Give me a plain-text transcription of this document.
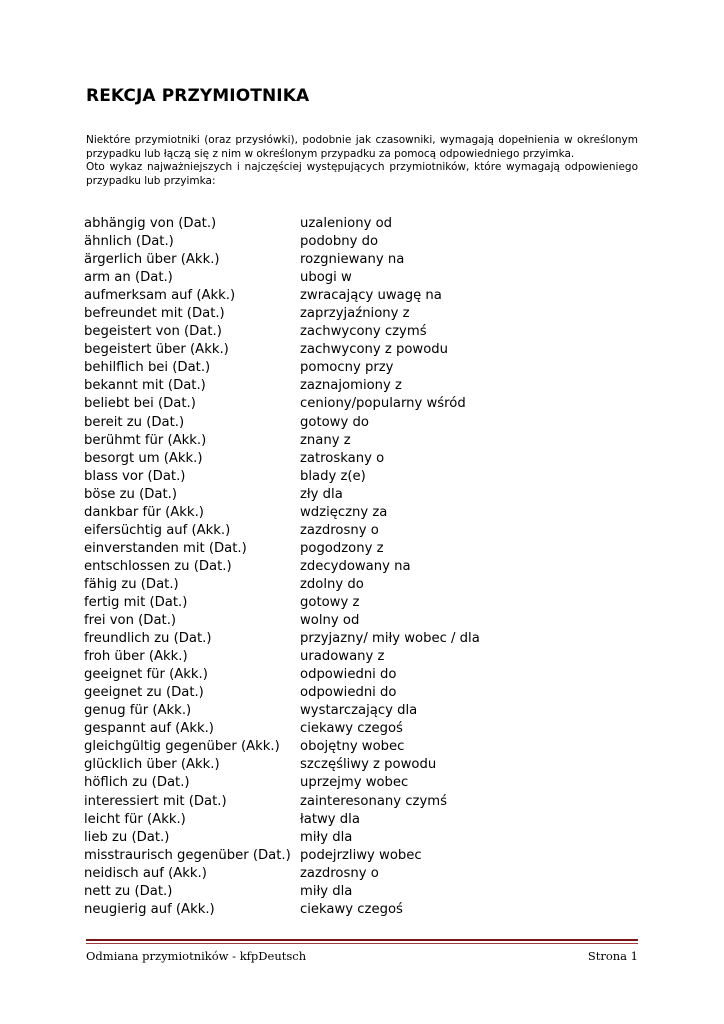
REKCJA PRZYMIOTNIKA

Niektóre przymiotniki (oraz przysłówki), podobnie jak czasowniki, wymagają dopełnienia w określonym przypadku lub łączą się z nim w określonym przypadku za pomocą odpowiedniego przyimka.

Oto wykaz najważniejszych i najczęściej występujących przymiotników, które wymagają odpowieniego przypadku lub przyimka:

abhängig von (Dat.)	uzaleniony od
ähnlich (Dat.)	podobny do
ärgerlich über (Akk.)	rozgniewany na
arm an (Dat.)	ubogi w
aufmerksam auf (Akk.)	zwracający uwagę na
befreundet mit (Dat.)	zaprzyjaźniony z
begeistert von (Dat.)	zachwycony czymś
begeistert über (Akk.)	zachwycony z powodu
behilflich bei (Dat.)	pomocny przy
bekannt mit (Dat.)	zaznajomiony z
beliebt bei (Dat.)	ceniony/popularny wśród
bereit zu (Dat.)	gotowy do
berühmt für (Akk.)	znany z
besorgt um (Akk.)	zatroskany o
blass vor (Dat.)	blady z(e)
böse zu (Dat.)	zły dla
dankbar für (Akk.)	wdzięczny za
eifersüchtig auf (Akk.)	zazdrosny o
einverstanden mit (Dat.)	pogodzony z
entschlossen zu (Dat.)	zdecydowany na
fähig zu (Dat.)	zdolny do
fertig mit (Dat.)	gotowy z
frei von (Dat.)	wolny od
freundlich zu (Dat.)	przyjazny/ miły wobec / dla
froh über (Akk.)	uradowany z
geeignet für (Akk.)	odpowiedni do
geeignet zu (Dat.)	odpowiedni do
genug für (Akk.)	wystarczający dla
gespannt auf (Akk.)	ciekawy czegoś
gleichgültig gegenüber (Akk.) obojętny wobec
glücklich über (Akk.)	szczęśliwy z powodu
höflich zu (Dat.)	uprzejmy wobec
interessiert mit (Dat.)	zainteresonany czymś
leicht für (Akk.)	łatwy dla
lieb zu (Dat.)	miły dla
misstraurisch gegenüber (Dat.) podejrzliwy wobec
neidisch auf (Akk.)	zazdrosny o
nett zu (Dat.)	miły dla
neugierig auf (Akk.)	ciekawy czegoś
Odmiana przymiotników - kfpDeutsch	Strona 1
